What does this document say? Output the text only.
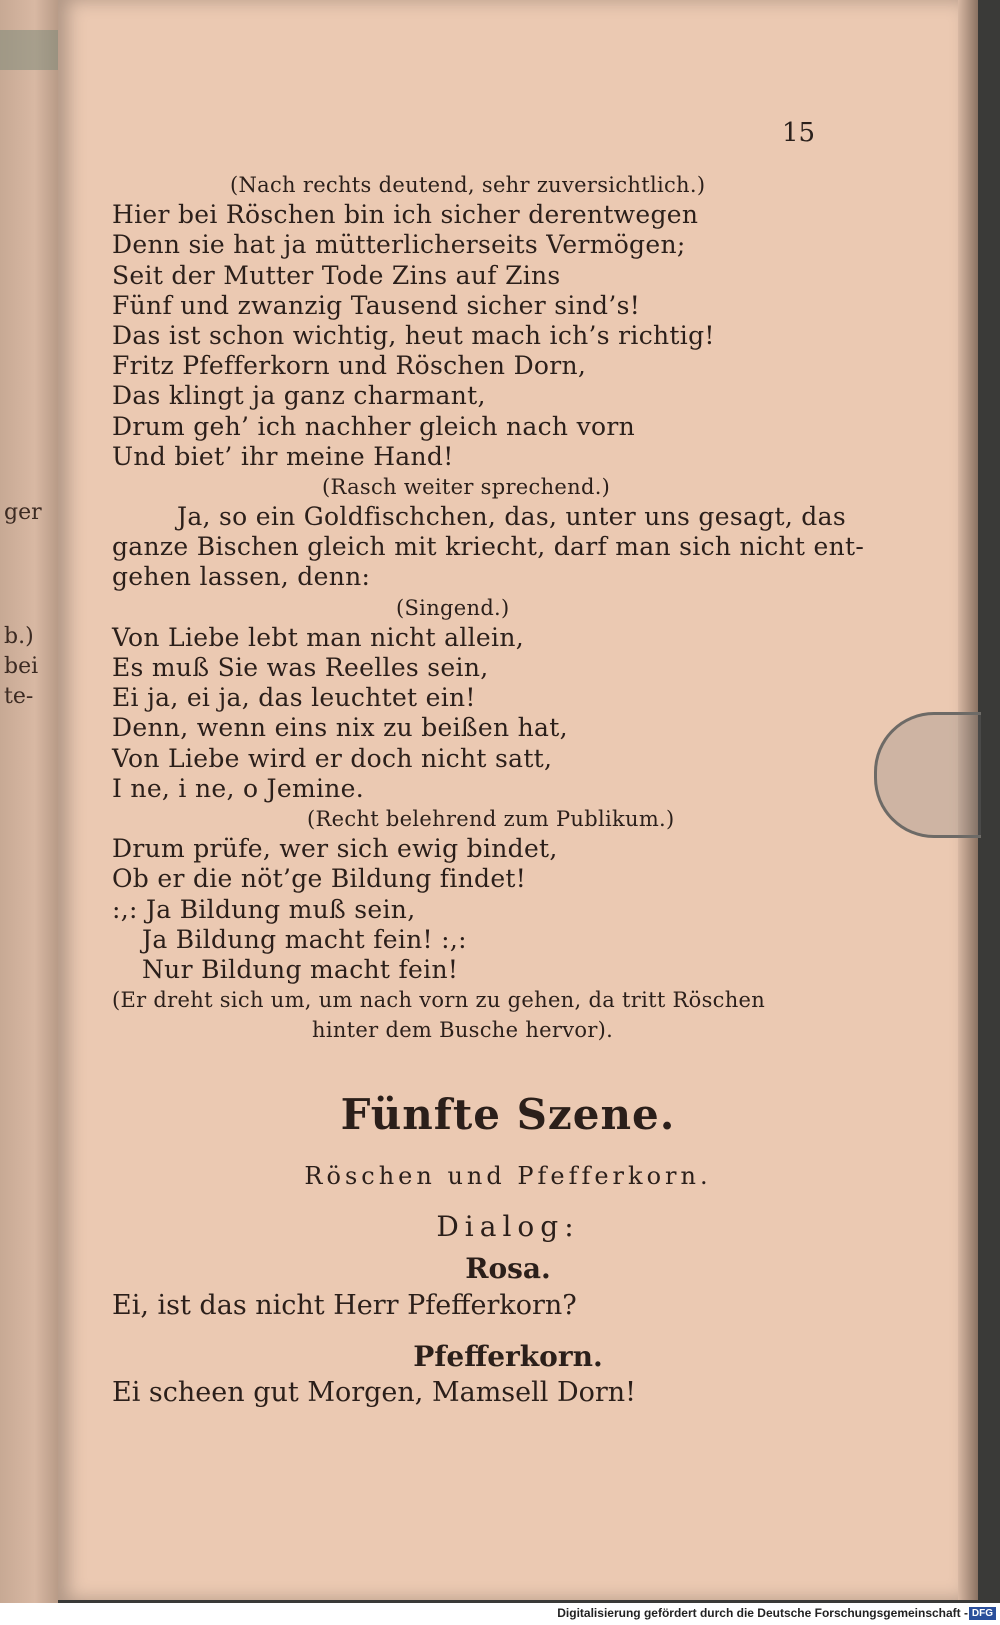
ger
b.)
bei
te-
15
(Nach rechts deutend, sehr zuversichtlich.)
Hier bei Röschen bin ich sicher derentwegen
Denn sie hat ja mütterlicherseits Vermögen;
Seit der Mutter Tode Zins auf Zins
Fünf und zwanzig Tausend sicher sind’s!
Das ist schon wichtig, heut mach ich’s richtig!
Fritz Pfefferkorn und Röschen Dorn,
Das klingt ja ganz charmant,
Drum geh’ ich nachher gleich nach vorn
Und biet’ ihr meine Hand!
(Rasch weiter sprechend.)
Ja, so ein Goldfischchen, das, unter uns gesagt, das
ganze Bischen gleich mit kriecht, darf man sich nicht ent-
gehen lassen, denn:
(Singend.)
Von Liebe lebt man nicht allein,
Es muß Sie was Reelles sein,
Ei ja, ei ja, das leuchtet ein!
Denn, wenn eins nix zu beißen hat,
Von Liebe wird er doch nicht satt,
I ne, i ne, o Jemine.
(Recht belehrend zum Publikum.)
Drum prüfe, wer sich ewig bindet,
Ob er die nöt’ge Bildung findet!
:,: Ja Bildung muß sein,
Ja Bildung macht fein! :,:
Nur Bildung macht fein!
(Er dreht sich um, um nach vorn zu gehen, da tritt Röschen
hinter dem Busche hervor).
Fünfte Szene.
Röschen und Pfefferkorn.
Dialog:
Rosa.
Ei, ist das nicht Herr Pfefferkorn?
Pfefferkorn.
Ei scheen gut Morgen, Mamsell Dorn!
Digitalisierung gefördert durch die Deutsche Forschungsgemeinschaft - DFG
